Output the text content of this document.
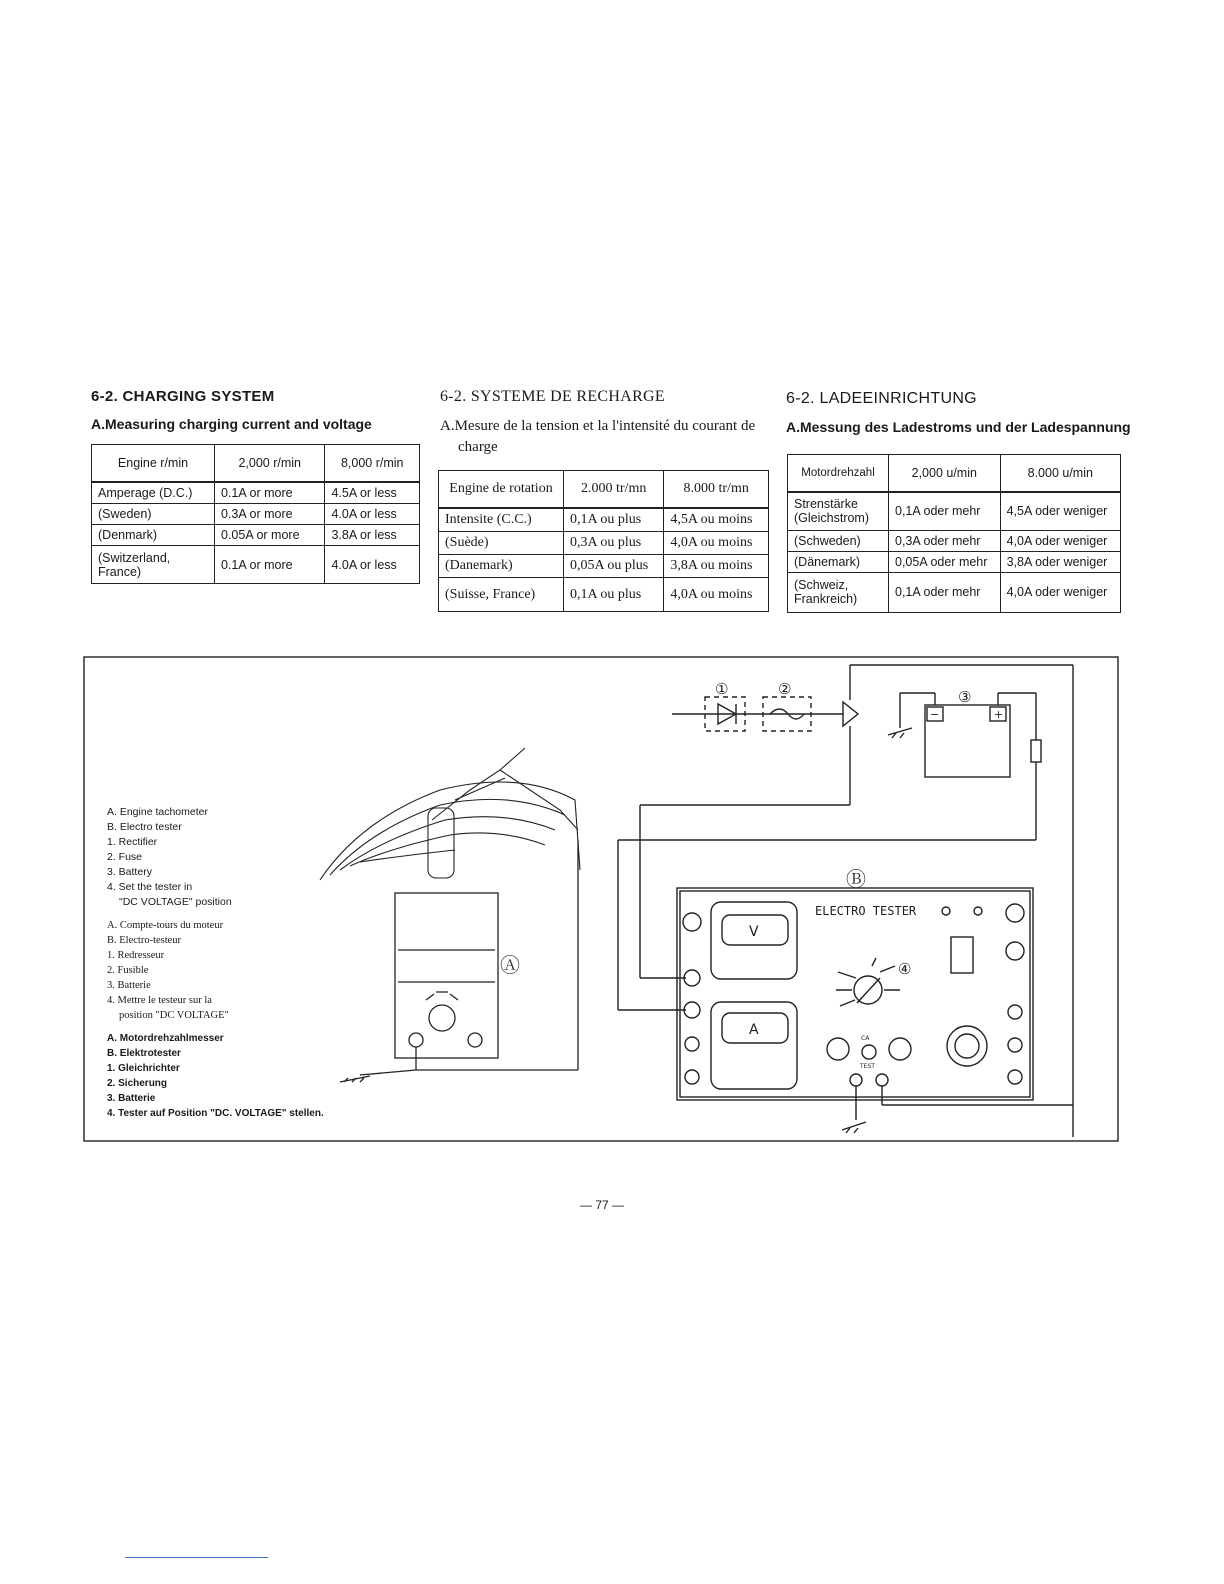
6-2. CHARGING SYSTEM
A.Measuring charging current and voltage
Engine r/min	2,000 r/min	8,000 r/min
Amperage (D.C.)	0.1A or more	4.5A or less
(Sweden)	0.3A or more	4.0A or less
(Denmark)	0.05A or more	3.8A or less
(Switzerland, France)	0.1A or more	4.0A or less
6-2. SYSTEME DE RECHARGE
A.Mesure de la tension et la l'intensité du courant de charge
Engine de rotation	2.000 tr/mn	8.000 tr/mn
Intensite (C.C.)	0,1A ou plus	4,5A ou moins
(Suède)	0,3A ou plus	4,0A ou moins
(Danemark)	0,05A ou plus	3,8A ou moins
(Suisse, France)	0,1A ou plus	4,0A ou moins
6-2. LADEEINRICHTUNG
A.Messung des Ladestroms und der Ladespannung
Motordrehzahl	2,000 u/min	8.000 u/min
Strenstärke (Gleichstrom)	0,1A oder mehr	4,5A oder weniger
(Schweden)	0,3A oder mehr	4,0A oder weniger
(Dänemark)	0,05A oder mehr	3,8A oder weniger
(Schweiz, Frankreich)	0,1A oder mehr	4,0A oder weniger
Ⓐ
Ⓑ
①	②	③
④
ELECTRO TESTER
V
A
TEST
CA
−	+
A. Engine tachometer
B. Electro tester
1. Rectifier
2. Fuse
3. Battery
4. Set the tester in
"DC VOLTAGE" position
A. Compte-tours du moteur
B. Electro-testeur
1. Redresseur
2. Fusible
3. Batterie
4. Mettre le testeur sur la
position "DC VOLTAGE"
A. Motordrehzahlmesser
B. Elektrotester
1. Gleichrichter
2. Sicherung
3. Batterie
4. Tester auf Position "DC. VOLTAGE" stellen.
— 77 —
